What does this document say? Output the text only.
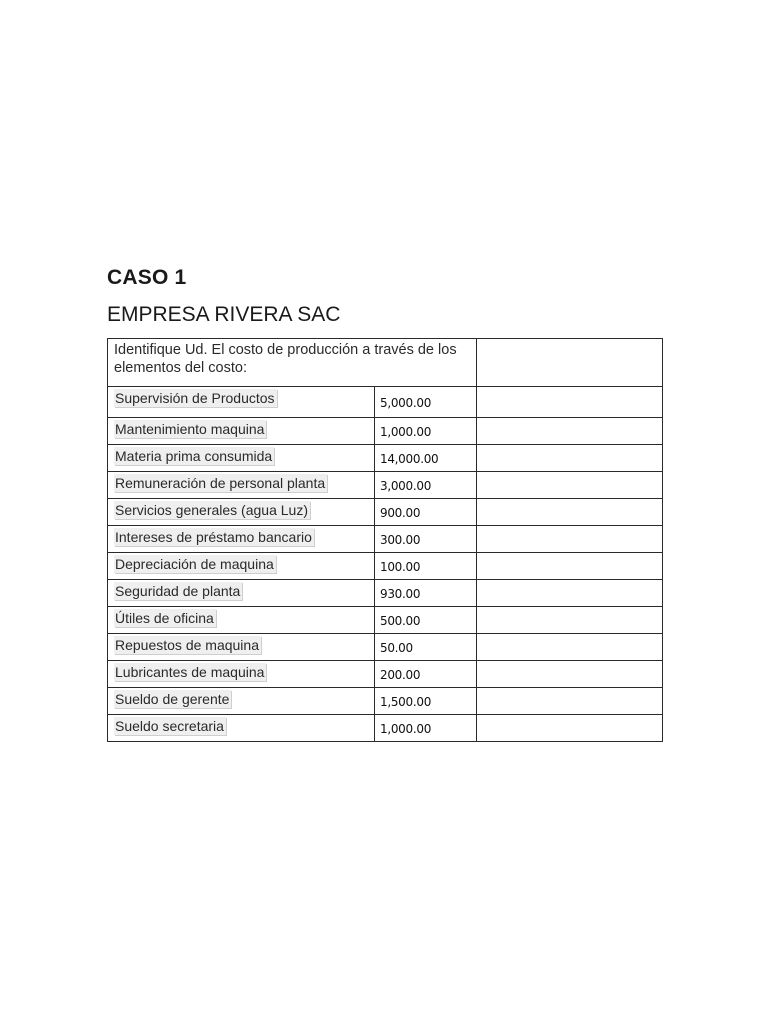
CASO 1
EMPRESA RIVERA SAC
Identifique Ud. El costo de producción a través de los elementos del costo:		
Supervisión de Productos	5,000.00	
Mantenimiento maquina	1,000.00	
Materia prima consumida	14,000.00	
Remuneración de personal planta	3,000.00	
Servicios generales (agua Luz)	900.00	
Intereses de préstamo bancario	300.00	
Depreciación de maquina	100.00	
Seguridad de planta	930.00	
Útiles de oficina	500.00	
Repuestos de maquina	50.00	
Lubricantes de maquina	200.00	
Sueldo de gerente	1,500.00	
Sueldo secretaria	1,000.00	
